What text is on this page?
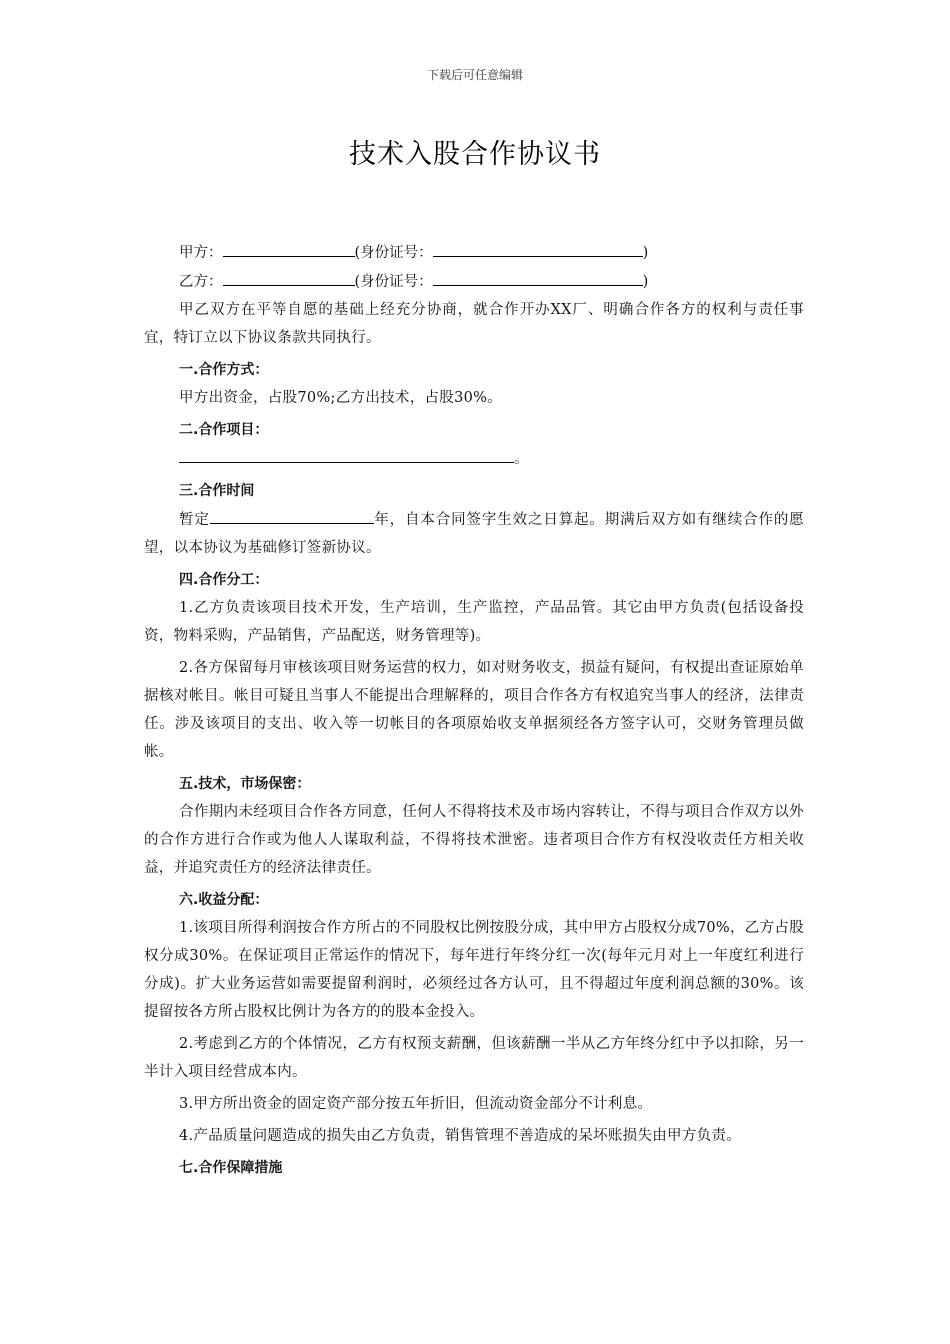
下载后可任意编辑
技术入股合作协议书
甲方：	(身份证号：	)
乙方：	(身份证号：	)
甲乙双方在平等自愿的基础上经充分协商，就合作开办XX厂、明确合作各方的权利与责任事宜，特订立以下协议条款共同执行。
一.合作方式：
甲方出资金，占股70%;乙方出技术，占股30%。
二.合作项目：
。
三.合作时间
暂定	年，自本合同签字生效之日算起。期满后双方如有继续合作的愿望，以本协议为基础修订签新协议。
四.合作分工：
1.乙方负责该项目技术开发，生产培训，生产监控，产品品管。其它由甲方负责(包括设备投资，物料采购，产品销售，产品配送，财务管理等)。
2.各方保留每月审核该项目财务运营的权力，如对财务收支，损益有疑问，有权提出查证原始单据核对帐目。帐目可疑且当事人不能提出合理解释的，项目合作各方有权追究当事人的经济，法律责任。涉及该项目的支出、收入等一切帐目的各项原始收支单据须经各方签字认可，交财务管理员做帐。
五.技术，市场保密：
合作期内未经项目合作各方同意，任何人不得将技术及市场内容转让，不得与项目合作双方以外的合作方进行合作或为他人人谋取利益，不得将技术泄密。违者项目合作方有权没收责任方相关收益，并追究责任方的经济法律责任。
六.收益分配：
1.该项目所得利润按合作方所占的不同股权比例按股分成，其中甲方占股权分成70%，乙方占股权分成30%。在保证项目正常运作的情况下，每年进行年终分红一次(每年元月对上一年度红利进行分成)。扩大业务运营如需要提留利润时，必须经过各方认可，且不得超过年度利润总额的30%。该提留按各方所占股权比例计为各方的的股本金投入。
2.考虑到乙方的个体情况，乙方有权预支薪酬，但该薪酬一半从乙方年终分红中予以扣除，另一半计入项目经营成本内。
3.甲方所出资金的固定资产部分按五年折旧，但流动资金部分不计利息。
4.产品质量问题造成的损失由乙方负责，销售管理不善造成的呆坏账损失由甲方负责。
七.合作保障措施
